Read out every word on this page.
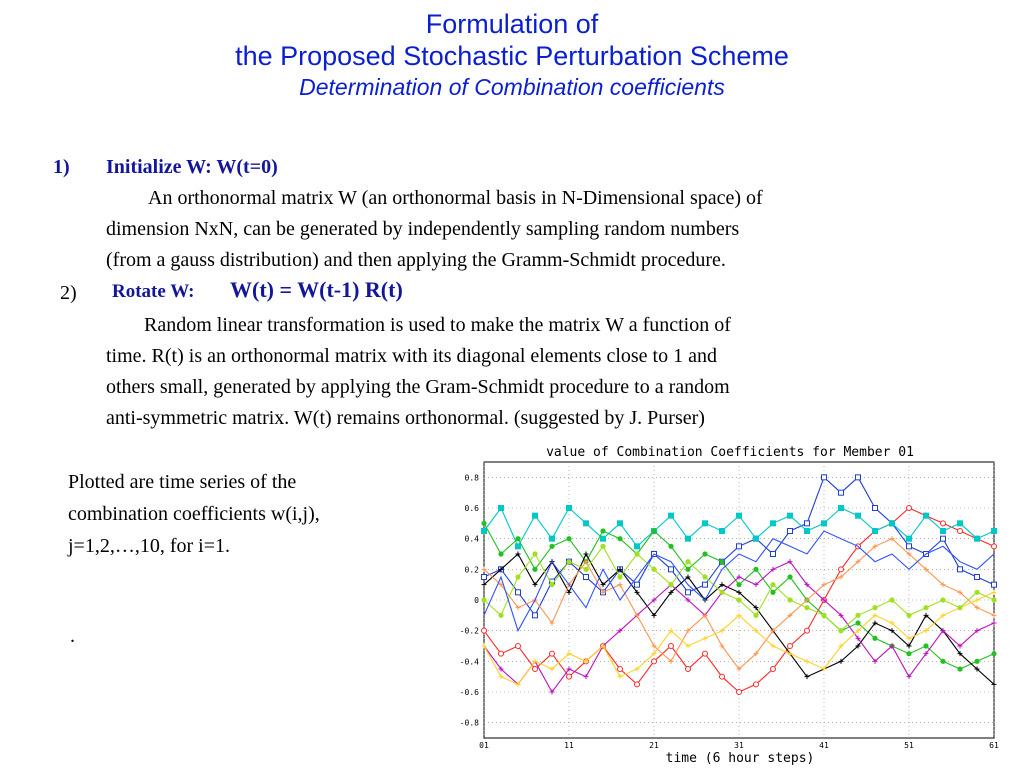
Formulation of
the Proposed Stochastic Perturbation Scheme
Determination of Combination coefficients
1) Initialize W: W(t=0)
An orthonormal matrix W (an orthonormal basis in N-Dimensional space) of
dimension NxN, can be generated by independently sampling random numbers
(from a gauss distribution) and then applying the Gramm-Schmidt procedure.
2) Rotate W: W(t) = W(t-1) R(t)
Random linear transformation is used to make the matrix W a function of
time. R(t) is an orthonormal matrix with its diagonal elements close to 1 and
others small, generated by applying the Gram-Schmidt procedure to a random
anti-symmetric matrix. W(t) remains orthonormal. (suggested by J. Purser)
Plotted are time series of the
combination coefficients w(i,j),
j=1,2,…,10, for i=1.
.
value of Combination Coefficients for Member 01
time (6 hour steps)
0.8
0.6
0.4
0.2
0
-0.2
-0.4
-0.6
-0.8
01	11	21	31	41	51	61
